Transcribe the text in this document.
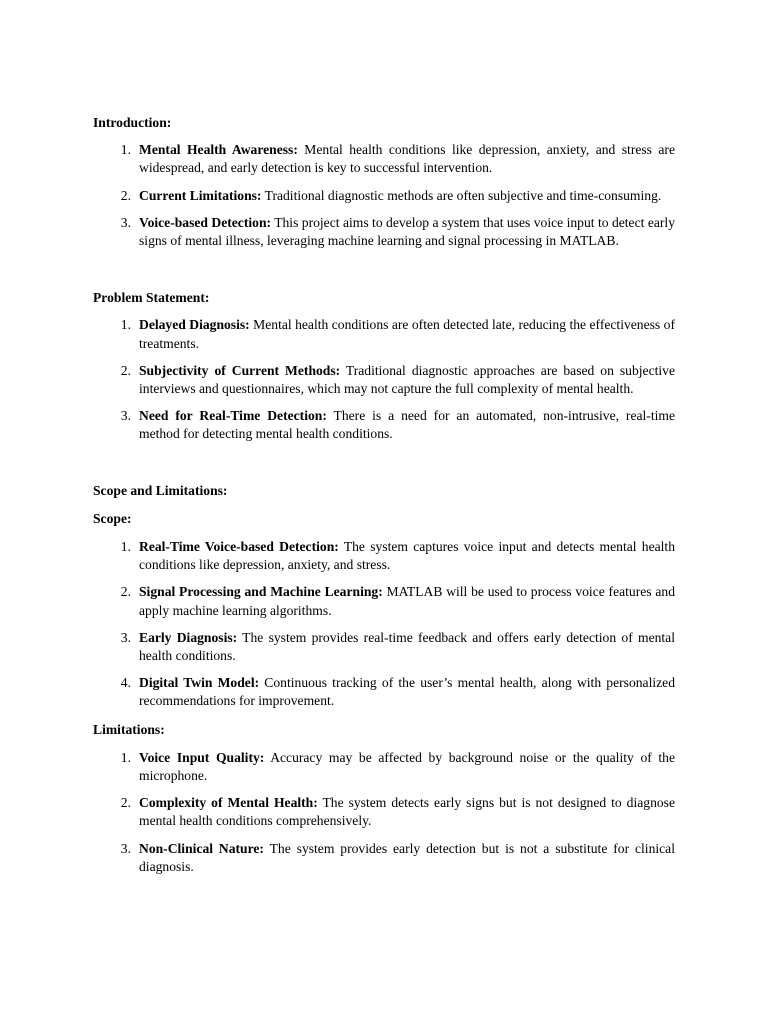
Introduction:

1. Mental Health Awareness: Mental health conditions like depression, anxiety, and stress are widespread, and early detection is key to successful intervention.
2. Current Limitations: Traditional diagnostic methods are often subjective and time-consuming.
3. Voice-based Detection: This project aims to develop a system that uses voice input to detect early signs of mental illness, leveraging machine learning and signal processing in MATLAB.

Problem Statement:

1. Delayed Diagnosis: Mental health conditions are often detected late, reducing the effectiveness of treatments.
2. Subjectivity of Current Methods: Traditional diagnostic approaches are based on subjective interviews and questionnaires, which may not capture the full complexity of mental health.
3. Need for Real-Time Detection: There is a need for an automated, non-intrusive, real-time method for detecting mental health conditions.

Scope and Limitations:

Scope:

1. Real-Time Voice-based Detection: The system captures voice input and detects mental health conditions like depression, anxiety, and stress.
2. Signal Processing and Machine Learning: MATLAB will be used to process voice features and apply machine learning algorithms.
3. Early Diagnosis: The system provides real-time feedback and offers early detection of mental health conditions.
4. Digital Twin Model: Continuous tracking of the user’s mental health, along with personalized recommendations for improvement.

Limitations:

1. Voice Input Quality: Accuracy may be affected by background noise or the quality of the microphone.
2. Complexity of Mental Health: The system detects early signs but is not designed to diagnose mental health conditions comprehensively.
3. Non-Clinical Nature: The system provides early detection but is not a substitute for clinical diagnosis.
